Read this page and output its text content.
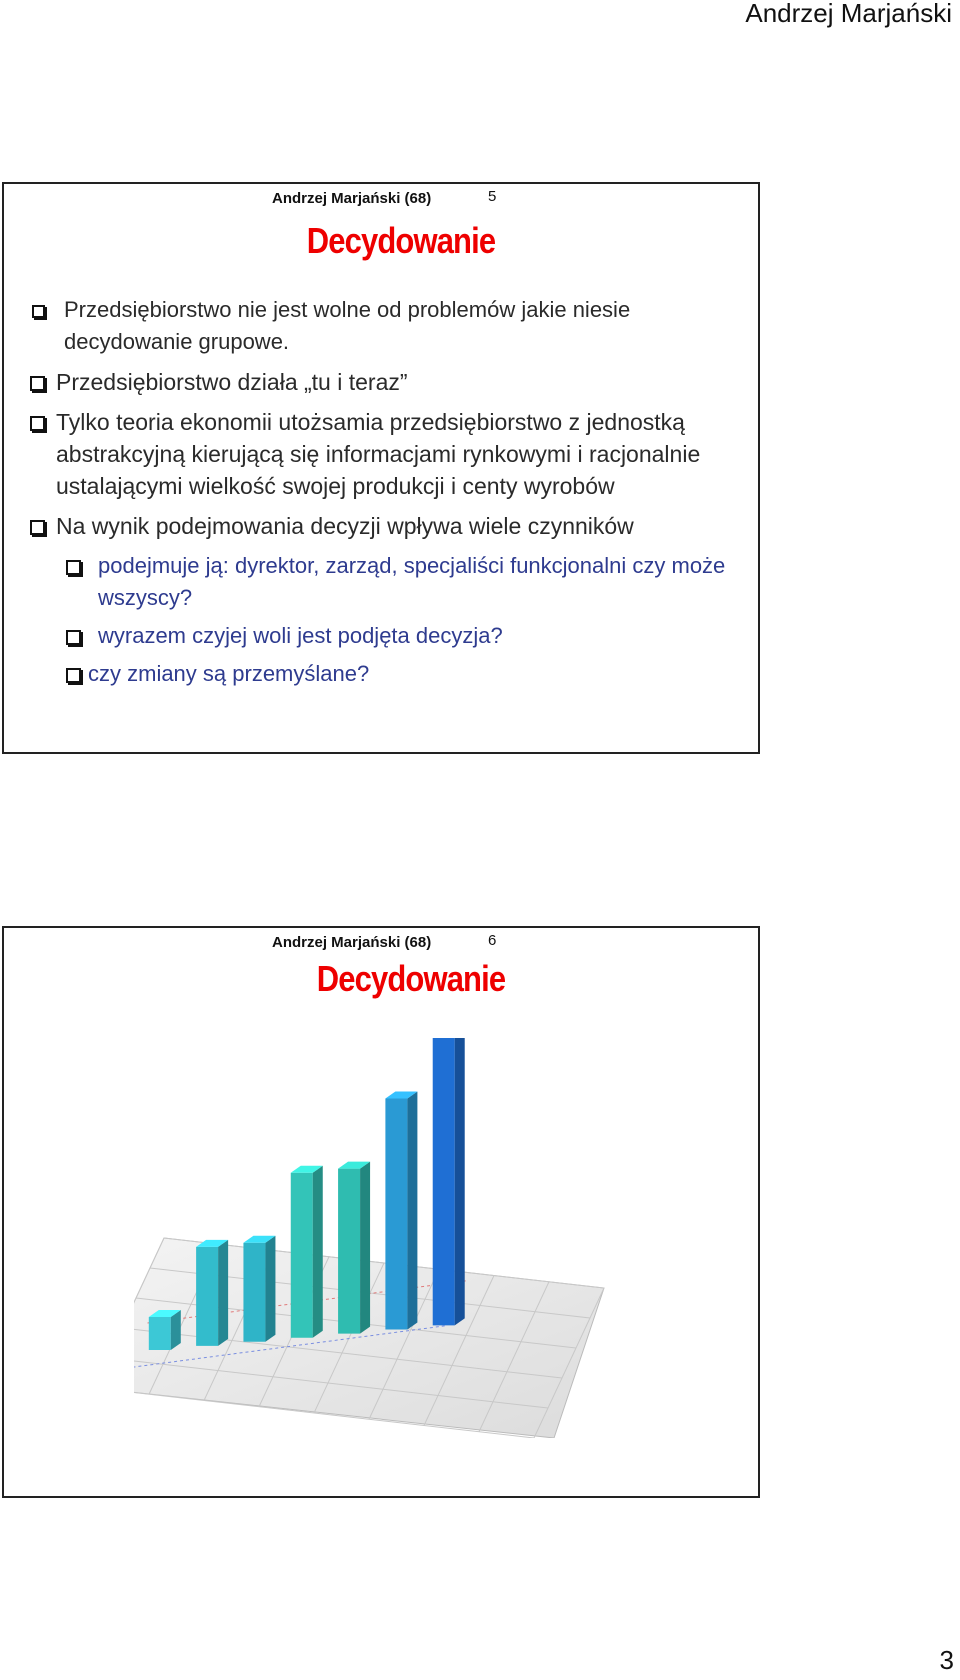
Andrzej Marjański
Andrzej Marjański (68)	5
Decydowanie
Przedsiębiorstwo nie jest wolne od problemów jakie niesie decydowanie grupowe.
Przedsiębiorstwo działa „tu i teraz”
Tylko teoria ekonomii utożsamia przedsiębiorstwo z jednostką abstrakcyjną kierującą się informacjami rynkowymi i racjonalnie ustalającymi wielkość swojej produkcji i centy wyrobów
Na wynik podejmowania decyzji wpływa wiele czynników
podejmuje ją: dyrektor, zarząd, specjaliści funkcjonalni czy może wszyscy?
wyrazem czyjej woli jest podjęta decyzja?
czy zmiany są przemyślane?
Andrzej Marjański (68)	6
Decydowanie
3
